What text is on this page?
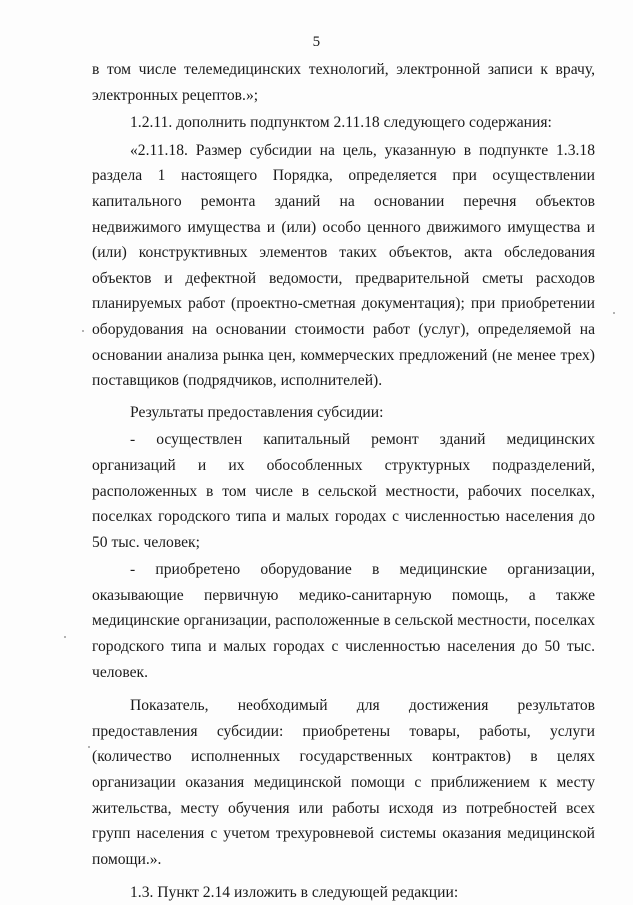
5

в том числе телемедицинских технологий, электронной записи к врачу, электронных рецептов.»;

1.2.11. дополнить подпунктом 2.11.18 следующего содержания:

«2.11.18. Размер субсидии на цель, указанную в подпункте 1.3.18 раздела 1 настоящего Порядка, определяется при осуществлении капитального ремонта зданий на основании перечня объектов недвижимого имущества и (или) особо ценного движимого имущества и (или) конструктивных элементов таких объектов, акта обследования объектов и дефектной ведомости, предварительной сметы расходов планируемых работ (проектно-сметная документация); при приобретении оборудования на основании стоимости работ (услуг), определяемой на основании анализа рынка цен, коммерческих предложений (не менее трех) поставщиков (подрядчиков, исполнителей).

Результаты предоставления субсидии:

- осуществлен капитальный ремонт зданий медицинских организаций и их обособленных структурных подразделений, расположенных в том числе в сельской местности, рабочих поселках, поселках городского типа и малых городах с численностью населения до 50 тыс. человек;

- приобретено оборудование в медицинские организации, оказывающие первичную медико-санитарную помощь, а также медицинские организации, расположенные в сельской местности, поселках городского типа и малых городах с численностью населения до 50 тыс. человек.

Показатель, необходимый для достижения результатов предоставления субсидии: приобретены товары, работы, услуги (количество исполненных государственных контрактов) в целях организации оказания медицинской помощи с приближением к месту жительства, месту обучения или работы исходя из потребностей всех групп населения с учетом трехуровневой системы оказания медицинской помощи.».

1.3. Пункт 2.14 изложить в следующей редакции:
